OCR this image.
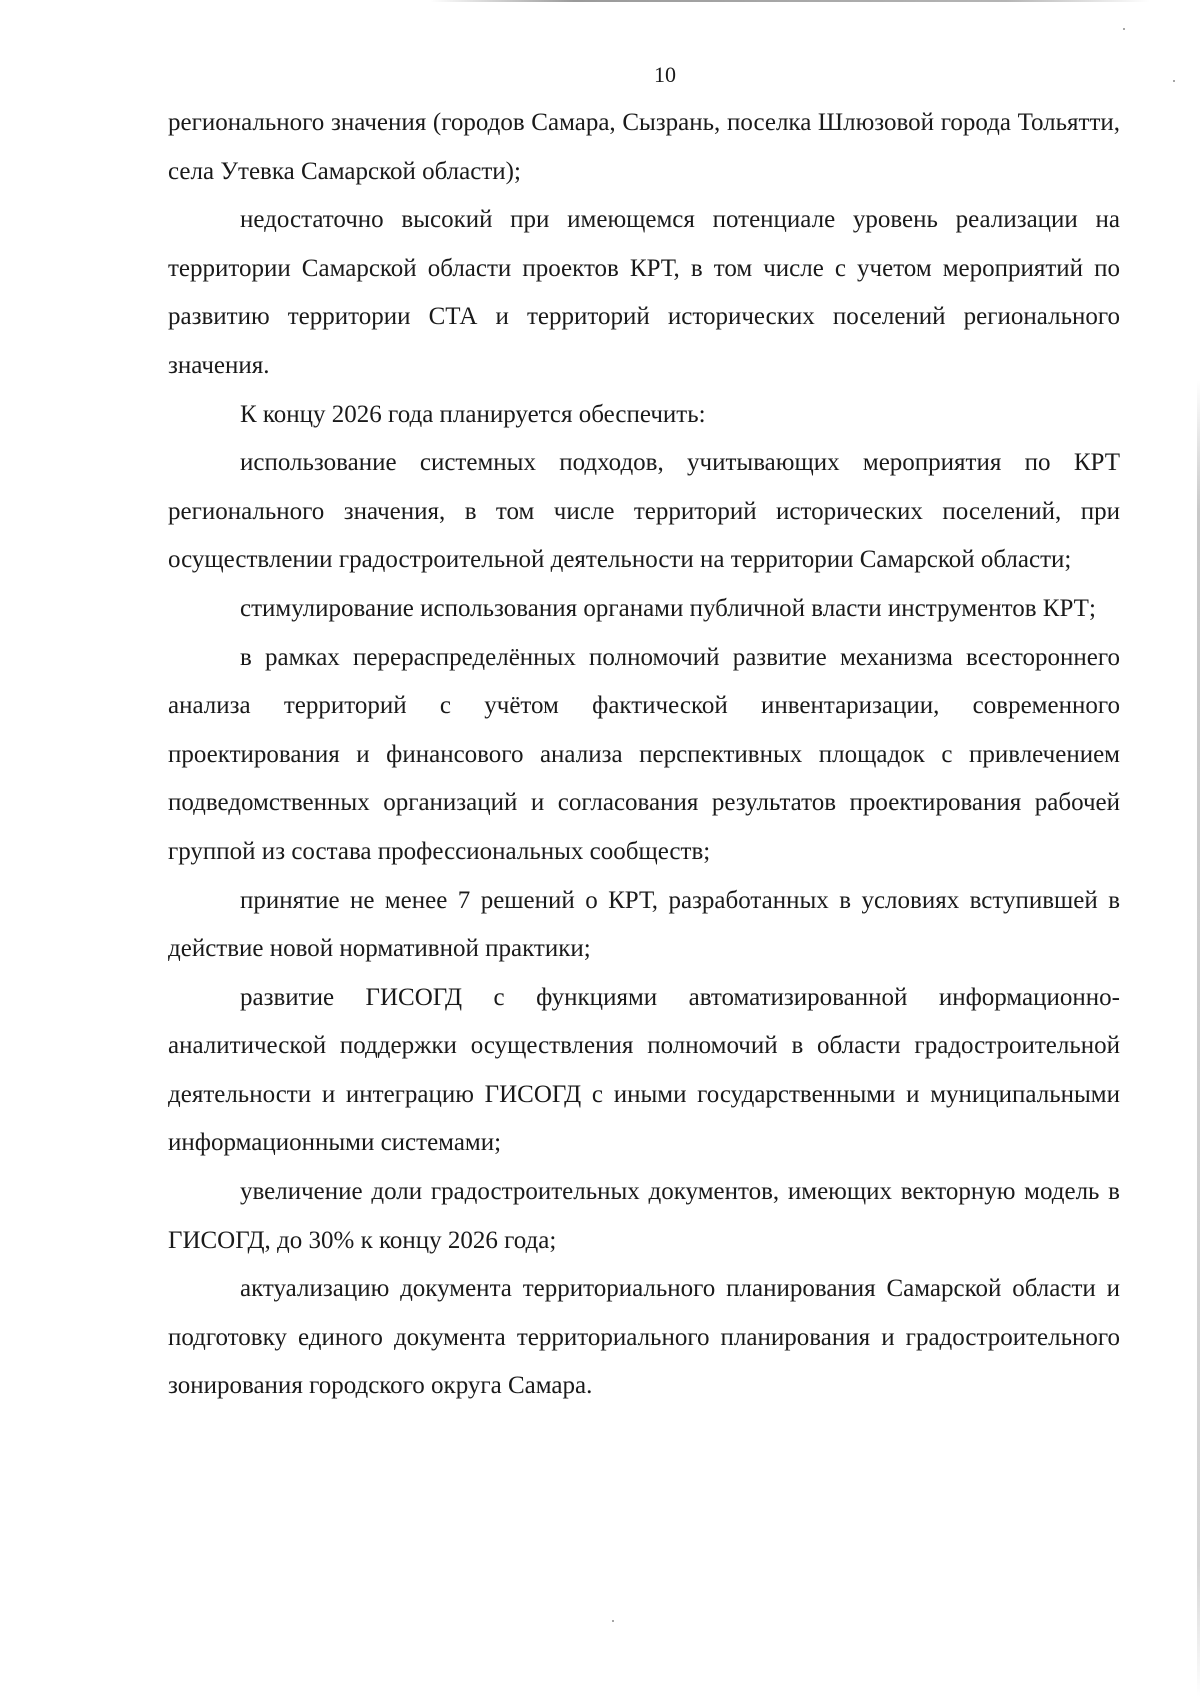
10

регионального значения (городов Самара, Сызрань, поселка Шлюзовой города Тольятти, села Утевка Самарской области);

недостаточно высокий при имеющемся потенциале уровень реализации на территории Самарской области проектов КРТ, в том числе с учетом мероприятий по развитию территории СТА и территорий исторических поселений регионального значения.

К концу 2026 года планируется обеспечить:

использование системных подходов, учитывающих мероприятия по КРТ регионального значения, в том числе территорий исторических поселений, при осуществлении градостроительной деятельности на территории Самарской области;

стимулирование использования органами публичной власти инструментов КРТ;

в рамках перераспределённых полномочий развитие механизма всестороннего анализа территорий с учётом фактической инвентаризации, современного проектирования и финансового анализа перспективных площадок с привлечением подведомственных организаций и согласования результатов проектирования рабочей группой из состава профессиональных сообществ;

принятие не менее 7 решений о КРТ, разработанных в условиях вступившей в действие новой нормативной практики;

развитие ГИСОГД с функциями автоматизированной информационно-аналитической поддержки осуществления полномочий в области градостроительной деятельности и интеграцию ГИСОГД с иными государственными и муниципальными информационными системами;

увеличение доли градостроительных документов, имеющих векторную модель в ГИСОГД, до 30% к концу 2026 года;

актуализацию документа территориального планирования Самарской области и подготовку единого документа территориального планирования и градостроительного зонирования городского округа Самара.
